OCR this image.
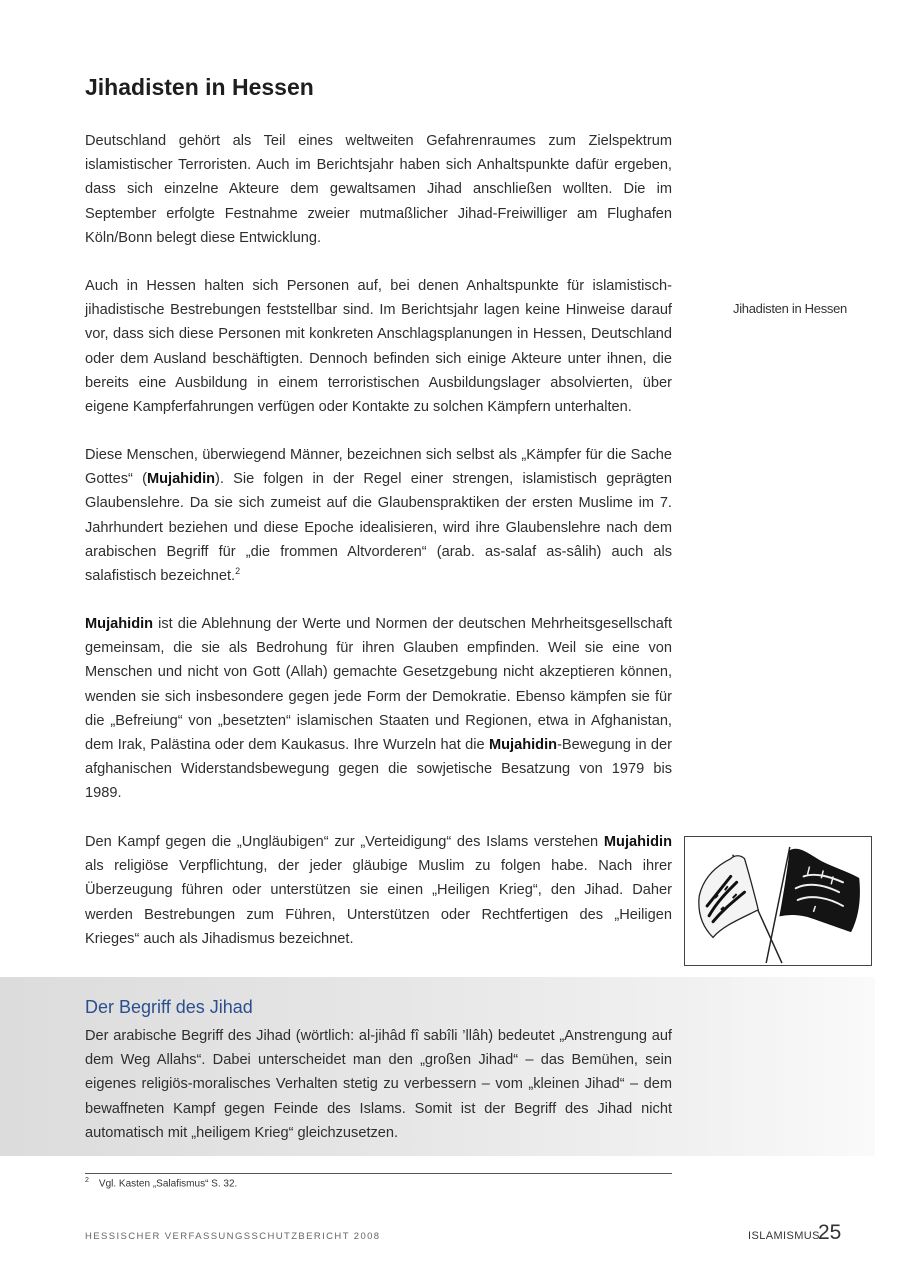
Jihadisten in Hessen

Deutschland gehört als Teil eines weltweiten Gefahrenraumes zum Zielspektrum islamistischer Terroristen. Auch im Berichtsjahr haben sich Anhaltspunkte dafür ergeben, dass sich einzelne Akteure dem gewaltsamen Jihad anschließen wollten. Die im September erfolgte Festnahme zweier mutmaßlicher Jihad-Freiwilliger am Flughafen Köln/Bonn belegt diese Entwicklung.

Auch in Hessen halten sich Personen auf, bei denen Anhaltspunkte für islamistisch-jihadistische Bestrebungen feststellbar sind. Im Berichtsjahr lagen keine Hinweise darauf vor, dass sich diese Personen mit konkreten Anschlagsplanungen in Hessen, Deutschland oder dem Ausland beschäftigten. Dennoch befinden sich einige Akteure unter ihnen, die bereits eine Ausbildung in einem terroristischen Ausbildungslager absolvierten, über eigene Kampferfahrungen verfügen oder Kontakte zu solchen Kämpfern unterhalten.

Diese Menschen, überwiegend Männer, bezeichnen sich selbst als „Kämpfer für die Sache Gottes“ (Mujahidin). Sie folgen in der Regel einer strengen, islamistisch geprägten Glaubenslehre. Da sie sich zumeist auf die Glaubenspraktiken der ersten Muslime im 7. Jahrhundert beziehen und diese Epoche idealisieren, wird ihre Glaubenslehre nach dem arabischen Begriff für „die frommen Altvorderen“ (arab. as-salaf as-sâlih) auch als salafistisch bezeichnet.$^2$

Mujahidin ist die Ablehnung der Werte und Normen der deutschen Mehrheitsgesellschaft gemeinsam, die sie als Bedrohung für ihren Glauben empfinden. Weil sie eine von Menschen und nicht von Gott (Allah) gemachte Gesetzgebung nicht akzeptieren können, wenden sie sich insbesondere gegen jede Form der Demokratie. Ebenso kämpfen sie für die „Befreiung“ von „besetzten“ islamischen Staaten und Regionen, etwa in Afghanistan, dem Irak, Palästina oder dem Kaukasus. Ihre Wurzeln hat die Mujahidin-Bewegung in der afghanischen Widerstandsbewegung gegen die sowjetische Besatzung von 1979 bis 1989.

Den Kampf gegen die „Ungläubigen“ zur „Verteidigung“ des Islams verstehen Mujahidin als religiöse Verpflichtung, der jeder gläubige Muslim zu folgen habe. Nach ihrer Überzeugung führen oder unterstützen sie einen „Heiligen Krieg“, den Jihad. Daher werden Bestrebungen zum Führen, Unterstützen oder Rechtfertigen des „Heiligen Krieges“ auch als Jihadismus bezeichnet.

Jihadisten in Hessen
Der Begriff des Jihad

Der arabische Begriff des Jihad (wörtlich: al-jihâd fî sabîli ’llâh) bedeutet „Anstrengung auf dem Weg Allahs“. Dabei unterscheidet man den „großen Jihad“ – das Bemühen, sein eigenes religiös-moralisches Verhalten stetig zu verbessern – vom „kleinen Jihad“ – dem bewaffneten Kampf gegen Feinde des Islams. Somit ist der Begriff des Jihad nicht automatisch mit „heiligem Krieg“ gleichzusetzen.

$^2$ Vgl. Kasten „Salafismus“ S. 32.
HESSISCHER VERFASSUNGSSCHUTZBERICHT 2008	ISLAMISMUS
25
